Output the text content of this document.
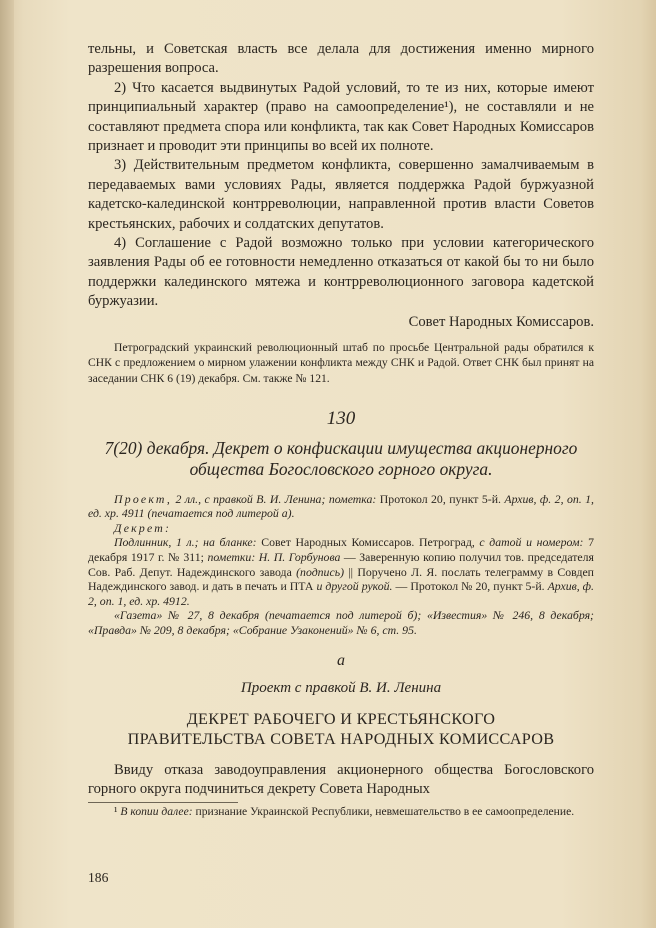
тельны, и Советская власть все делала для достижения именно мирного разрешения вопроса.

2) Что касается выдвинутых Радой условий, то те из них, которые имеют принципиальный характер (право на самоопределение¹), не составляли и не составляют предмета спора или конфликта, так как Совет Народных Комиссаров признает и проводит эти принципы во всей их полноте.

3) Действительным предметом конфликта, совершенно замалчиваемым в передаваемых вами условиях Рады, является поддержка Радой буржуазной кадетско-калединской контрреволюции, направленной против власти Советов крестьянских, рабочих и солдатских депутатов.

4) Соглашение с Радой возможно только при условии категорического заявления Рады об ее готовности немедленно отказаться от какой бы то ни было поддержки калединского мятежа и контрреволюционного заговора кадетской буржуазии.

Совет Народных Комиссаров.

Петроградский украинский революционный штаб по просьбе Центральной рады обратился к СНК с предложением о мирном улажении конфликта между СНК и Радой. Ответ СНК был принят на заседании СНК 6 (19) декабря. См. также № 121.

130

7(20) декабря. Декрет о конфискации имущества акционерного общества Богословского горного округа.

Проект, 2 лл., с правкой В. И. Ленина; пометка: Протокол 20, пункт 5-й. Архив, ф. 2, оп. 1, ед. хр. 4911 (печатается под литерой а).

Декрет:

Подлинник, 1 л.; на бланке: Совет Народных Комиссаров. Петроград, с датой и номером: 7 декабря 1917 г. № 311; пометки: Н. П. Горбунова — Заверенную копию получил тов. председателя Сов. Раб. Депут. Надеждинского завода (подпись) || Поручено Л. Я. послать телеграмму в Совдеп Надеждинского завод. и дать в печать и ПТА и другой рукой. — Протокол № 20, пункт 5-й. Архив, ф. 2, оп. 1, ед. хр. 4912.

«Газета» № 27, 8 декабря (печатается под литерой б); «Известия» № 246, 8 декабря; «Правда» № 209, 8 декабря; «Собрание Узаконений» № 6, ст. 95.

а

Проект с правкой В. И. Ленина

ДЕКРЕТ РАБОЧЕГО И КРЕСТЬЯНСКОГО
ПРАВИТЕЛЬСТВА СОВЕТА НАРОДНЫХ КОМИССАРОВ

Ввиду отказа заводоуправления акционерного общества Богословского горного округа подчиниться декрету Совета Народных

¹ В копии далее: признание Украинской Республики, невмешательство в ее самоопределение.

186
